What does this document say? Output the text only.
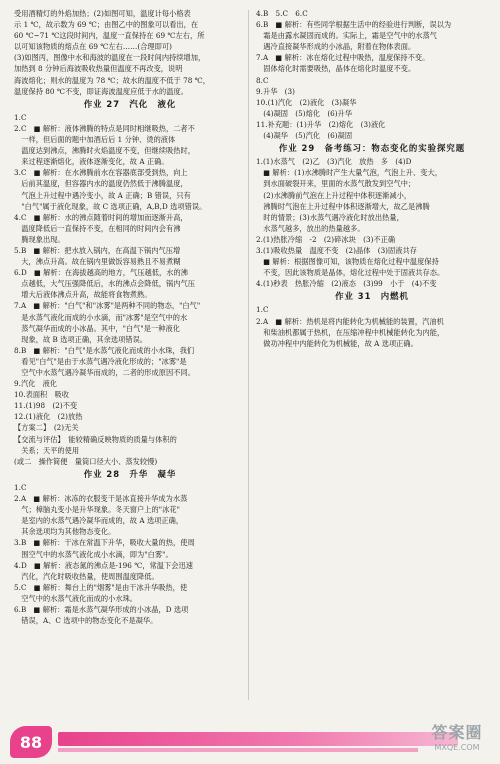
受用酒精灯的外焰加热；(2)如图可知，温度计每小格表
示 1 ℃，故示数为 69 ℃；由图乙中的图象可以看出，在
60 ℃~71 ℃这段时间内，温度一直保持在 69 ℃左右，所
以可知该物质的熔点在 69 ℃左右……(合理即可)
(3)如图丙，图像中水和海波的温度在一段时间内持续增加，
加热到 8 分钟后海波吸收热量但温度不再改变，说明
海波熔化；则水的温度为 78 ℃；故水的温度不低于 78 ℃，
温度保持 80 ℃不变，即证海波温度应低于水的温度。
作业 27　汽化　液化
1.C
2.C　■ 解析：液体沸腾的特点是同时相继吸热，二者不
　一样，但后面的题中加酒后后 1 分钟、烫的液体
　温度达到沸点，沸腾时火焰温度不变，但继续吸热时，
　来过程逐渐熔化，液体逐渐变化，故 A 正确。
3.C　■ 解析：在水沸腾前水在容器底部受到热，向上
　后前其温度，但容器内水的温度仍然低于沸腾温度，
　气泡上升过程中遇冷变小，故 A 正确；B 错误，只有
　"白气"属于液化现象，故 C 选项正确，A,B,D 选项错误。
4.C　■ 解析：水的沸点随着时间的增加而逐渐升高，
　温度降低后一直保持不变，在相同的时间内会有沸
　腾现象出现。
5.B　■ 解析：把水放入锅内，在高温下锅内气压增
　大，沸点升高。故在锅内里做饭容易熟且不易煮糊
6.D　■ 解析：在海拔越高的地方，气压越低，水的沸
　点越低，大气压强降低后，水的沸点会降低，锅内气压
　增大后液体沸点升高，故能将食物煮熟。
7.A　■ 解析："白气"和"冰雾"是两种不同的物态，"白气"
　是水蒸气液化而成的小水滴，而"冰雾"是空气中的水
　蒸气凝华而成的小冰晶。其中，"白气"是一种液化
　现象，故 B 选项正确，其余选项错误。
8.B　■ 解析："白气"是水蒸气液化而成的小水珠，我们
　看见"白气"是由于水蒸气遇冷液化形成的；"冰雾"是
　空气中水蒸气遇冷凝华而成的，二者的形成原因不同。
9.汽化　液化
10.表面积　吸收
11.(1)98　(2)不变
12.(1)液化　(2)放热
【方案二】　(2)无关
【交流与评估】　能较精确反映物质的质量与体积的
　关系；天平的使用
(或二　操作简便　量筒口径大小、蒸发较慢)
作业 28　升华　凝华
1.C
2.A　■ 解析：冰冻的衣服变干是冰直接升华成为水蒸
　气；樟脑丸变小是升华现象。冬天窗户上的"冰花"
　是室内的水蒸气遇冷凝华而成的，故 A 选项正确，
　其余选项均为其他物态变化。
3.B　■ 解析：干冰在常温下升华，吸收大量的热，使周
　围空气中的水蒸气液化成小水滴，即为"白雾"。
4.D　■ 解析：液态氮的沸点是-196 ℃，常温下会迅速
　汽化，汽化时吸收热量，使周围温度降低。
5.C　■ 解析：舞台上的"烟雾"是由干冰升华吸热，使
　空气中的水蒸气液化而成的小水珠。
6.B　■ 解析：霜是水蒸气凝华形成的小冰晶，D 选项
　错误，A、C 选项中的物态变化不是凝华。
4.B　5.C　6.C
6.B　■ 解析：有些同学根据生活中的经验进行判断，误以为
　霜是由露水凝固而成的。实际上，霜是空气中的水蒸气
　遇冷直接凝华形成的小冰晶，附着在物体表面。
7.A　■ 解析：冰在熔化过程中吸热，温度保持不变。
　固体熔化时需要吸热，晶体在熔化时温度不变。
8.C
9.升华　(3)
10.(1)汽化　(2)液化　(3)凝华
　(4)凝固　(5)熔化　(6)升华
11.补充题：(1)升华　(2)熔化　(3)液化
　(4)凝华　(5)汽化　(6)凝固
作业 29　备考练习：物态变化的实验探究题
1.(1)水蒸气　(2)乙　(3)汽化　放热　多　(4)D
　■ 解析：(1)水沸腾时产生大量气泡，气泡上升、变大，
　到水面破裂开来，里面的水蒸气散发到空气中；
　(2)水沸腾前气泡在上升过程中体积逐渐减小，
　沸腾时气泡在上升过程中体积逐渐增大，故乙是沸腾
　时的情景；(3)水蒸气遇冷液化时放出热量，
　水蒸气越多，放出的热量越多。
2.(1)热胀冷缩　-2　(2)碎冰块　(3)不正确
3.(1)吸收热量　温度不变　(2)晶体　(3)固液共存
　■ 解析：根据图像可知，该物质在熔化过程中温度保持
　不变，因此该物质是晶体，熔化过程中处于固液共存态。
4.(1)秒表　热胀冷缩　(2)液态　(3)99　小于　(4)不变
作业 31　内燃机
1.C
2.A　■ 解析：热机是将内能转化为机械能的装置，汽油机
　和柴油机都属于热机，在压缩冲程中机械能转化为内能，
　做功冲程中内能转化为机械能，故 A 选项正确。
88	答案圈
MXQE.COM
